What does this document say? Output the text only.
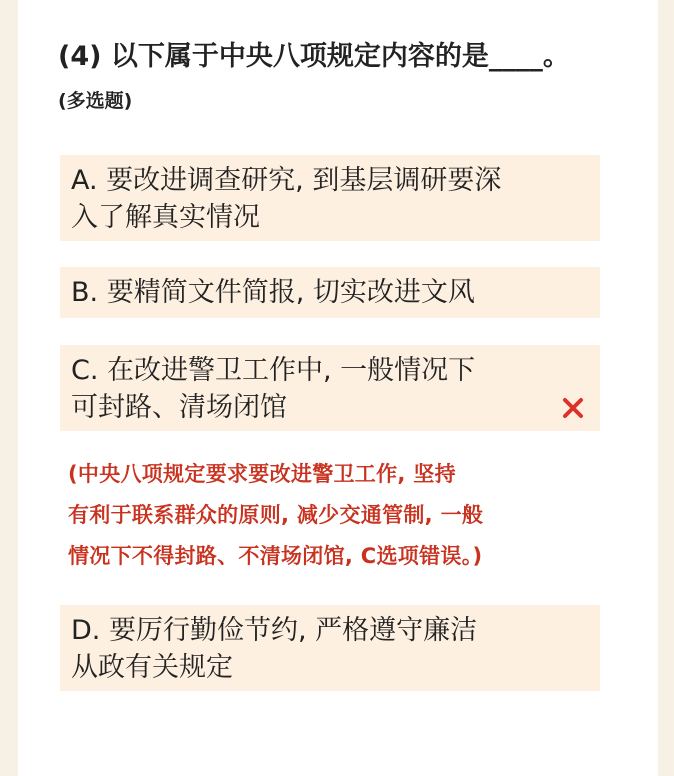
(4) 以下属于中央八项规定内容的是____。
(多选题)
A. 要改进调查研究, 到基层调研要深
入了解真实情况
B. 要精简文件简报, 切实改进文风
C. 在改进警卫工作中, 一般情况下
可封路、清场闭馆
(中央八项规定要求要改进警卫工作, 坚持
有利于联系群众的原则, 减少交通管制, 一般
情况下不得封路、不清场闭馆, C选项错误。)
D. 要厉行勤俭节约, 严格遵守廉洁
从政有关规定
